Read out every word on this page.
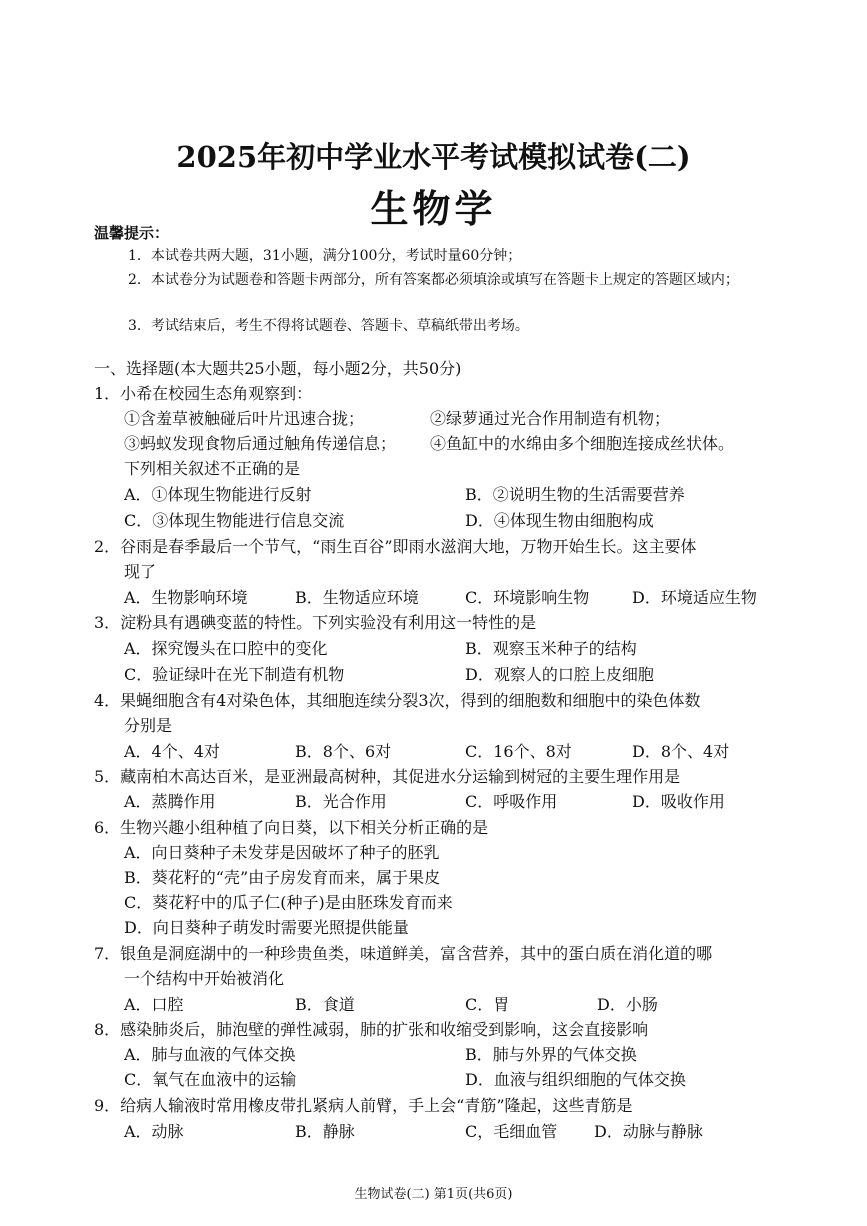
2025年初中学业水平考试模拟试卷(二)
生物学
温馨提示：
1．本试卷共两大题，31小题，满分100分，考试时量60分钟；
2．本试卷分为试题卷和答题卡两部分，所有答案都必须填涂或填写在答题卡上规定的答题区域内；
3．考试结束后，考生不得将试题卷、答题卡、草稿纸带出考场。
一、选择题(本大题共25小题，每小题2分，共50分)
1．小希在校园生态角观察到：
①含羞草被触碰后叶片迅速合拢；	②绿萝通过光合作用制造有机物；
③蚂蚁发现食物后通过触角传递信息； ④鱼缸中的水绵由多个细胞连接成丝状体。
下列相关叙述不正确的是
A．①体现生物能进行反射	B．②说明生物的生活需要营养
C．③体现生物能进行信息交流	D．④体现生物由细胞构成
2．谷雨是春季最后一个节气，“雨生百谷”即雨水滋润大地，万物开始生长。这主要体
现了
A．生物影响环境	B．生物适应环境	C．环境影响生物	D．环境适应生物
3．淀粉具有遇碘变蓝的特性。下列实验没有利用这一特性的是
A．探究馒头在口腔中的变化	B．观察玉米种子的结构
C．验证绿叶在光下制造有机物	D．观察人的口腔上皮细胞
4．果蝇细胞含有4对染色体，其细胞连续分裂3次，得到的细胞数和细胞中的染色体数
分别是
A．4个、4对	B．8个、6对	C．16个、8对	D．8个、4对
5．藏南柏木高达百米，是亚洲最高树种，其促进水分运输到树冠的主要生理作用是
A．蒸腾作用	B．光合作用	C．呼吸作用	D．吸收作用
6．生物兴趣小组种植了向日葵，以下相关分析正确的是
A．向日葵种子未发芽是因破坏了种子的胚乳
B．葵花籽的“壳”由子房发育而来，属于果皮
C．葵花籽中的瓜子仁(种子)是由胚珠发育而来
D．向日葵种子萌发时需要光照提供能量
7．银鱼是洞庭湖中的一种珍贵鱼类，味道鲜美，富含营养，其中的蛋白质在消化道的哪
一个结构中开始被消化
A．口腔	B．食道	C．胃	D．小肠
8．感染肺炎后，肺泡壁的弹性减弱，肺的扩张和收缩受到影响，这会直接影响
A．肺与血液的气体交换	B．肺与外界的气体交换
C．氧气在血液中的运输	D．血液与组织细胞的气体交换
9．给病人输液时常用橡皮带扎紧病人前臂，手上会“青筋”隆起，这些青筋是
A．动脉	B．静脉	C，毛细血管 D．动脉与静脉
生物试卷(二) 第1页(共6页)
